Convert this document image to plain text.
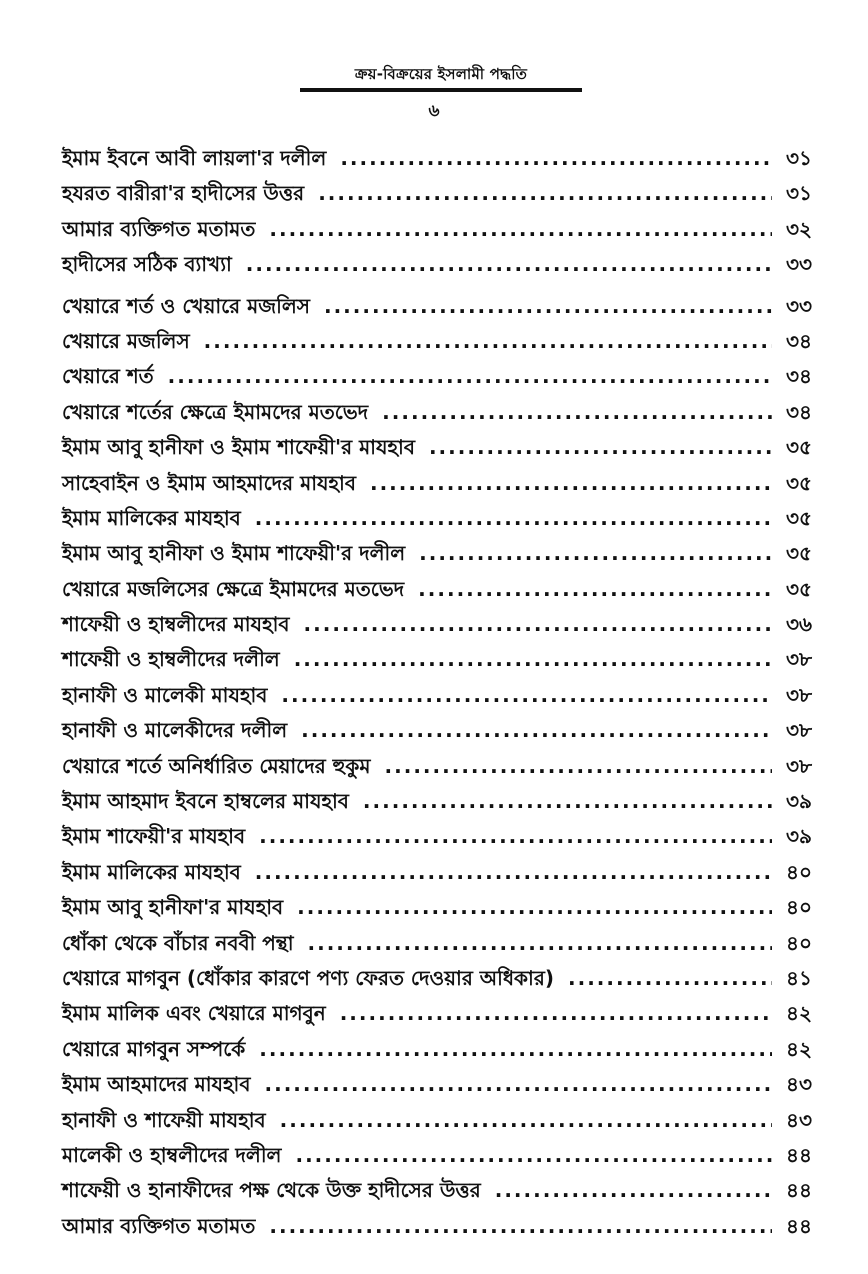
ক্রয়-বিক্রয়ের ইসলামী পদ্ধতি
৬
ইমাম ইবনে আবী লায়লা'র দলীল .....	৩১
হযরত বারীরা'র হাদীসের উত্তর .....	৩১
আমার ব্যক্তিগত মতামত .....	৩২
হাদীসের সঠিক ব্যাখ্যা .....	৩৩
খেয়ারে শর্ত ও খেয়ারে মজলিস .....	৩৩
খেয়ারে মজলিস .....	৩৪
খেয়ারে শর্ত .....	৩৪
খেয়ারে শর্তের ক্ষেত্রে ইমামদের মতভেদ .....	৩৪
ইমাম আবু হানীফা ও ইমাম শাফেয়ী'র মাযহাব .....	৩৫
সাহেবাইন ও ইমাম আহমাদের মাযহাব .....	৩৫
ইমাম মালিকের মাযহাব .....	৩৫
ইমাম আবু হানীফা ও ইমাম শাফেয়ী'র দলীল .....	৩৫
খেয়ারে মজলিসের ক্ষেত্রে ইমামদের মতভেদ .....	৩৫
শাফেয়ী ও হাম্বলীদের মাযহাব .....	৩৬
শাফেয়ী ও হাম্বলীদের দলীল .....	৩৮
হানাফী ও মালেকী মাযহাব .....	৩৮
হানাফী ও মালেকীদের দলীল .....	৩৮
খেয়ারে শর্তে অনির্ধারিত মেয়াদের হুকুম .....	৩৮
ইমাম আহমাদ ইবনে হাম্বলের মাযহাব .....	৩৯
ইমাম শাফেয়ী'র মাযহাব .....	৩৯
ইমাম মালিকের মাযহাব .....	৪০
ইমাম আবু হানীফা'র মাযহাব .....	৪০
ধোঁকা থেকে বাঁচার নববী পন্থা .....	৪০
খেয়ারে মাগবুন (ধোঁকার কারণে পণ্য ফেরত দেওয়ার অধিকার) .....	৪১
ইমাম মালিক এবং খেয়ারে মাগবুন .....	৪২
খেয়ারে মাগবুন সম্পর্কে .....	৪২
ইমাম আহমাদের মাযহাব .....	৪৩
হানাফী ও শাফেয়ী মাযহাব .....	৪৩
মালেকী ও হাম্বলীদের দলীল .....	৪৪
শাফেয়ী ও হানাফীদের পক্ষ থেকে উক্ত হাদীসের উত্তর .....	৪৪
আমার ব্যক্তিগত মতামত .....	৪৪
